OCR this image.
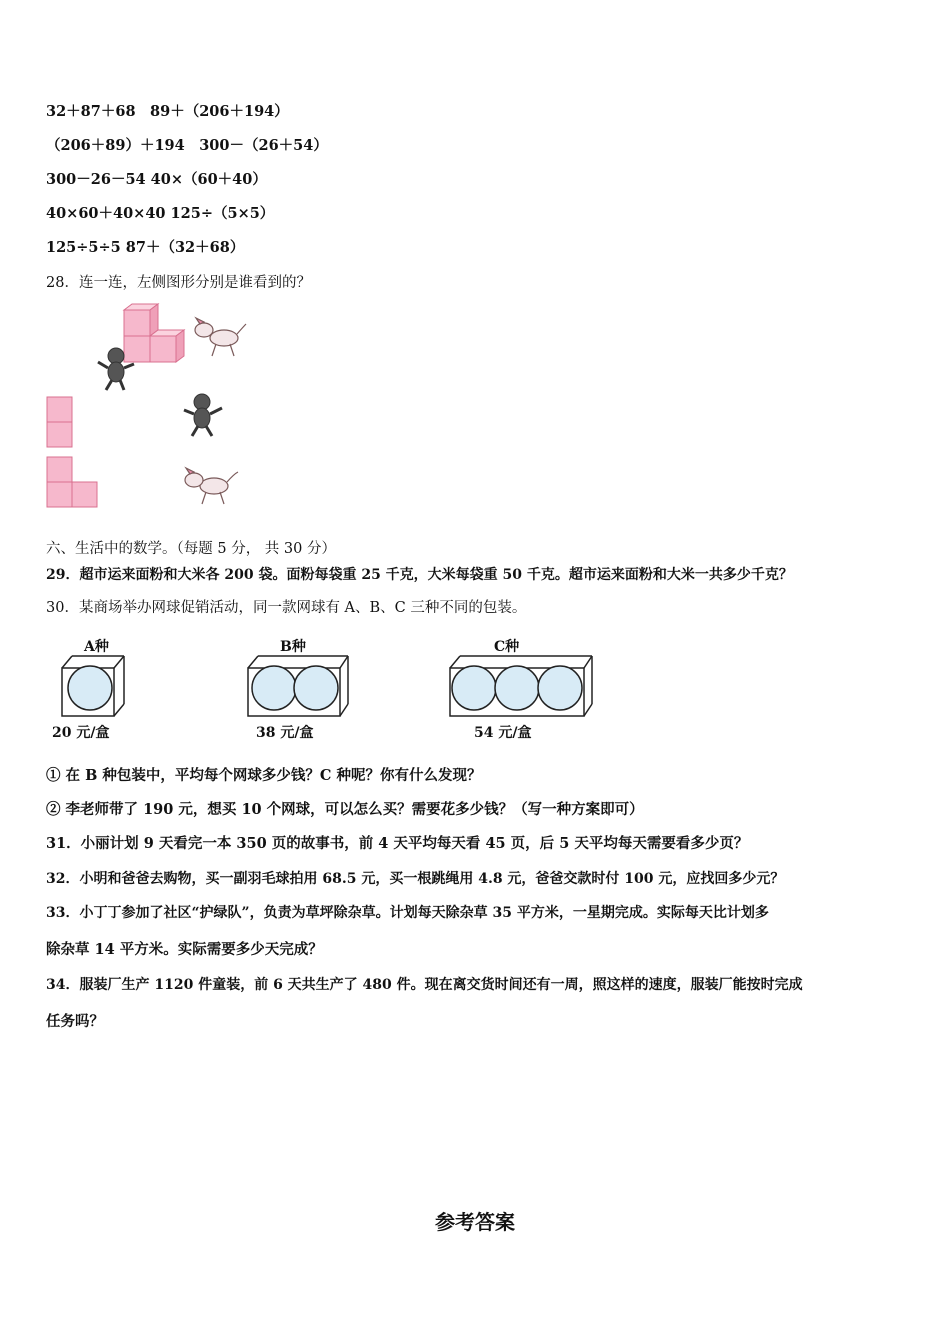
32＋87＋68　89＋（206＋194）
（206＋89）＋194　300－（26＋54）
300－26－54 40×（60＋40）
40×60＋40×40 125÷（5×5）
125÷5÷5 87＋（32＋68）
28．连一连，左侧图形分别是谁看到的？
六、生活中的数学。（每题 5 分， 共 30 分）
29．超市运来面粉和大米各 200 袋。面粉每袋重 25 千克，大米每袋重 50 千克。超市运来面粉和大米一共多少千克？
30．某商场举办网球促销活动，同一款网球有 A、B、C 三种不同的包装。
A种
20 元/盒
B种
38 元/盒
C种
54 元/盒
① 在 B 种包装中，平均每个网球多少钱？C 种呢？你有什么发现？
② 李老师带了 190 元，想买 10 个网球，可以怎么买？需要花多少钱？（写一种方案即可）
31．小丽计划 9 天看完一本 350 页的故事书，前 4 天平均每天看 45 页，后 5 天平均每天需要看多少页？
32．小明和爸爸去购物，买一副羽毛球拍用 68.5 元，买一根跳绳用 4.8 元，爸爸交款时付 100 元，应找回多少元？
33．小丁丁参加了社区“护绿队”，负责为草坪除杂草。计划每天除杂草 35 平方米，一星期完成。实际每天比计划多
除杂草 14 平方米。实际需要多少天完成？
34．服装厂生产 1120 件童装，前 6 天共生产了 480 件。现在离交货时间还有一周，照这样的速度，服装厂能按时完成
任务吗？
参考答案
